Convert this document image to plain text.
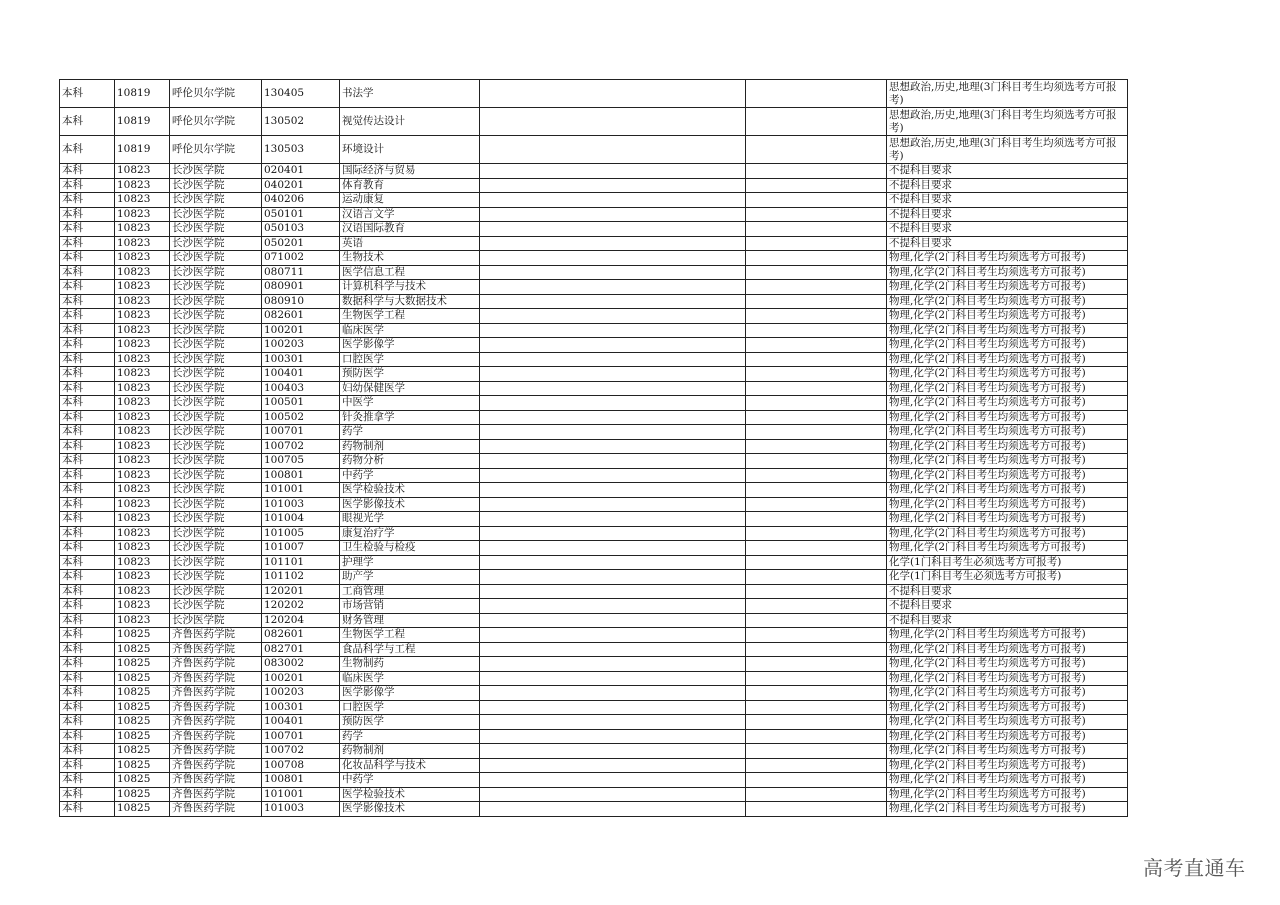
本科	10819	呼伦贝尔学院	130405	书法学			思想政治,历史,地理(3门科目考生均须选考方可报考)
本科	10819	呼伦贝尔学院	130502	视觉传达设计			思想政治,历史,地理(3门科目考生均须选考方可报考)
本科	10819	呼伦贝尔学院	130503	环境设计			思想政治,历史,地理(3门科目考生均须选考方可报考)
本科	10823	长沙医学院	020401	国际经济与贸易			不提科目要求
本科	10823	长沙医学院	040201	体育教育			不提科目要求
本科	10823	长沙医学院	040206	运动康复			不提科目要求
本科	10823	长沙医学院	050101	汉语言文学			不提科目要求
本科	10823	长沙医学院	050103	汉语国际教育			不提科目要求
本科	10823	长沙医学院	050201	英语			不提科目要求
本科	10823	长沙医学院	071002	生物技术			物理,化学(2门科目考生均须选考方可报考)
本科	10823	长沙医学院	080711	医学信息工程			物理,化学(2门科目考生均须选考方可报考)
本科	10823	长沙医学院	080901	计算机科学与技术			物理,化学(2门科目考生均须选考方可报考)
本科	10823	长沙医学院	080910	数据科学与大数据技术			物理,化学(2门科目考生均须选考方可报考)
本科	10823	长沙医学院	082601	生物医学工程			物理,化学(2门科目考生均须选考方可报考)
本科	10823	长沙医学院	100201	临床医学			物理,化学(2门科目考生均须选考方可报考)
本科	10823	长沙医学院	100203	医学影像学			物理,化学(2门科目考生均须选考方可报考)
本科	10823	长沙医学院	100301	口腔医学			物理,化学(2门科目考生均须选考方可报考)
本科	10823	长沙医学院	100401	预防医学			物理,化学(2门科目考生均须选考方可报考)
本科	10823	长沙医学院	100403	妇幼保健医学			物理,化学(2门科目考生均须选考方可报考)
本科	10823	长沙医学院	100501	中医学			物理,化学(2门科目考生均须选考方可报考)
本科	10823	长沙医学院	100502	针灸推拿学			物理,化学(2门科目考生均须选考方可报考)
本科	10823	长沙医学院	100701	药学			物理,化学(2门科目考生均须选考方可报考)
本科	10823	长沙医学院	100702	药物制剂			物理,化学(2门科目考生均须选考方可报考)
本科	10823	长沙医学院	100705	药物分析			物理,化学(2门科目考生均须选考方可报考)
本科	10823	长沙医学院	100801	中药学			物理,化学(2门科目考生均须选考方可报考)
本科	10823	长沙医学院	101001	医学检验技术			物理,化学(2门科目考生均须选考方可报考)
本科	10823	长沙医学院	101003	医学影像技术			物理,化学(2门科目考生均须选考方可报考)
本科	10823	长沙医学院	101004	眼视光学			物理,化学(2门科目考生均须选考方可报考)
本科	10823	长沙医学院	101005	康复治疗学			物理,化学(2门科目考生均须选考方可报考)
本科	10823	长沙医学院	101007	卫生检验与检疫			物理,化学(2门科目考生均须选考方可报考)
本科	10823	长沙医学院	101101	护理学			化学(1门科目考生必须选考方可报考)
本科	10823	长沙医学院	101102	助产学			化学(1门科目考生必须选考方可报考)
本科	10823	长沙医学院	120201	工商管理			不提科目要求
本科	10823	长沙医学院	120202	市场营销			不提科目要求
本科	10823	长沙医学院	120204	财务管理			不提科目要求
本科	10825	齐鲁医药学院	082601	生物医学工程			物理,化学(2门科目考生均须选考方可报考)
本科	10825	齐鲁医药学院	082701	食品科学与工程			物理,化学(2门科目考生均须选考方可报考)
本科	10825	齐鲁医药学院	083002	生物制药			物理,化学(2门科目考生均须选考方可报考)
本科	10825	齐鲁医药学院	100201	临床医学			物理,化学(2门科目考生均须选考方可报考)
本科	10825	齐鲁医药学院	100203	医学影像学			物理,化学(2门科目考生均须选考方可报考)
本科	10825	齐鲁医药学院	100301	口腔医学			物理,化学(2门科目考生均须选考方可报考)
本科	10825	齐鲁医药学院	100401	预防医学			物理,化学(2门科目考生均须选考方可报考)
本科	10825	齐鲁医药学院	100701	药学			物理,化学(2门科目考生均须选考方可报考)
本科	10825	齐鲁医药学院	100702	药物制剂			物理,化学(2门科目考生均须选考方可报考)
本科	10825	齐鲁医药学院	100708	化妆品科学与技术			物理,化学(2门科目考生均须选考方可报考)
本科	10825	齐鲁医药学院	100801	中药学			物理,化学(2门科目考生均须选考方可报考)
本科	10825	齐鲁医药学院	101001	医学检验技术			物理,化学(2门科目考生均须选考方可报考)
本科	10825	齐鲁医药学院	101003	医学影像技术			物理,化学(2门科目考生均须选考方可报考)
高考直通车
